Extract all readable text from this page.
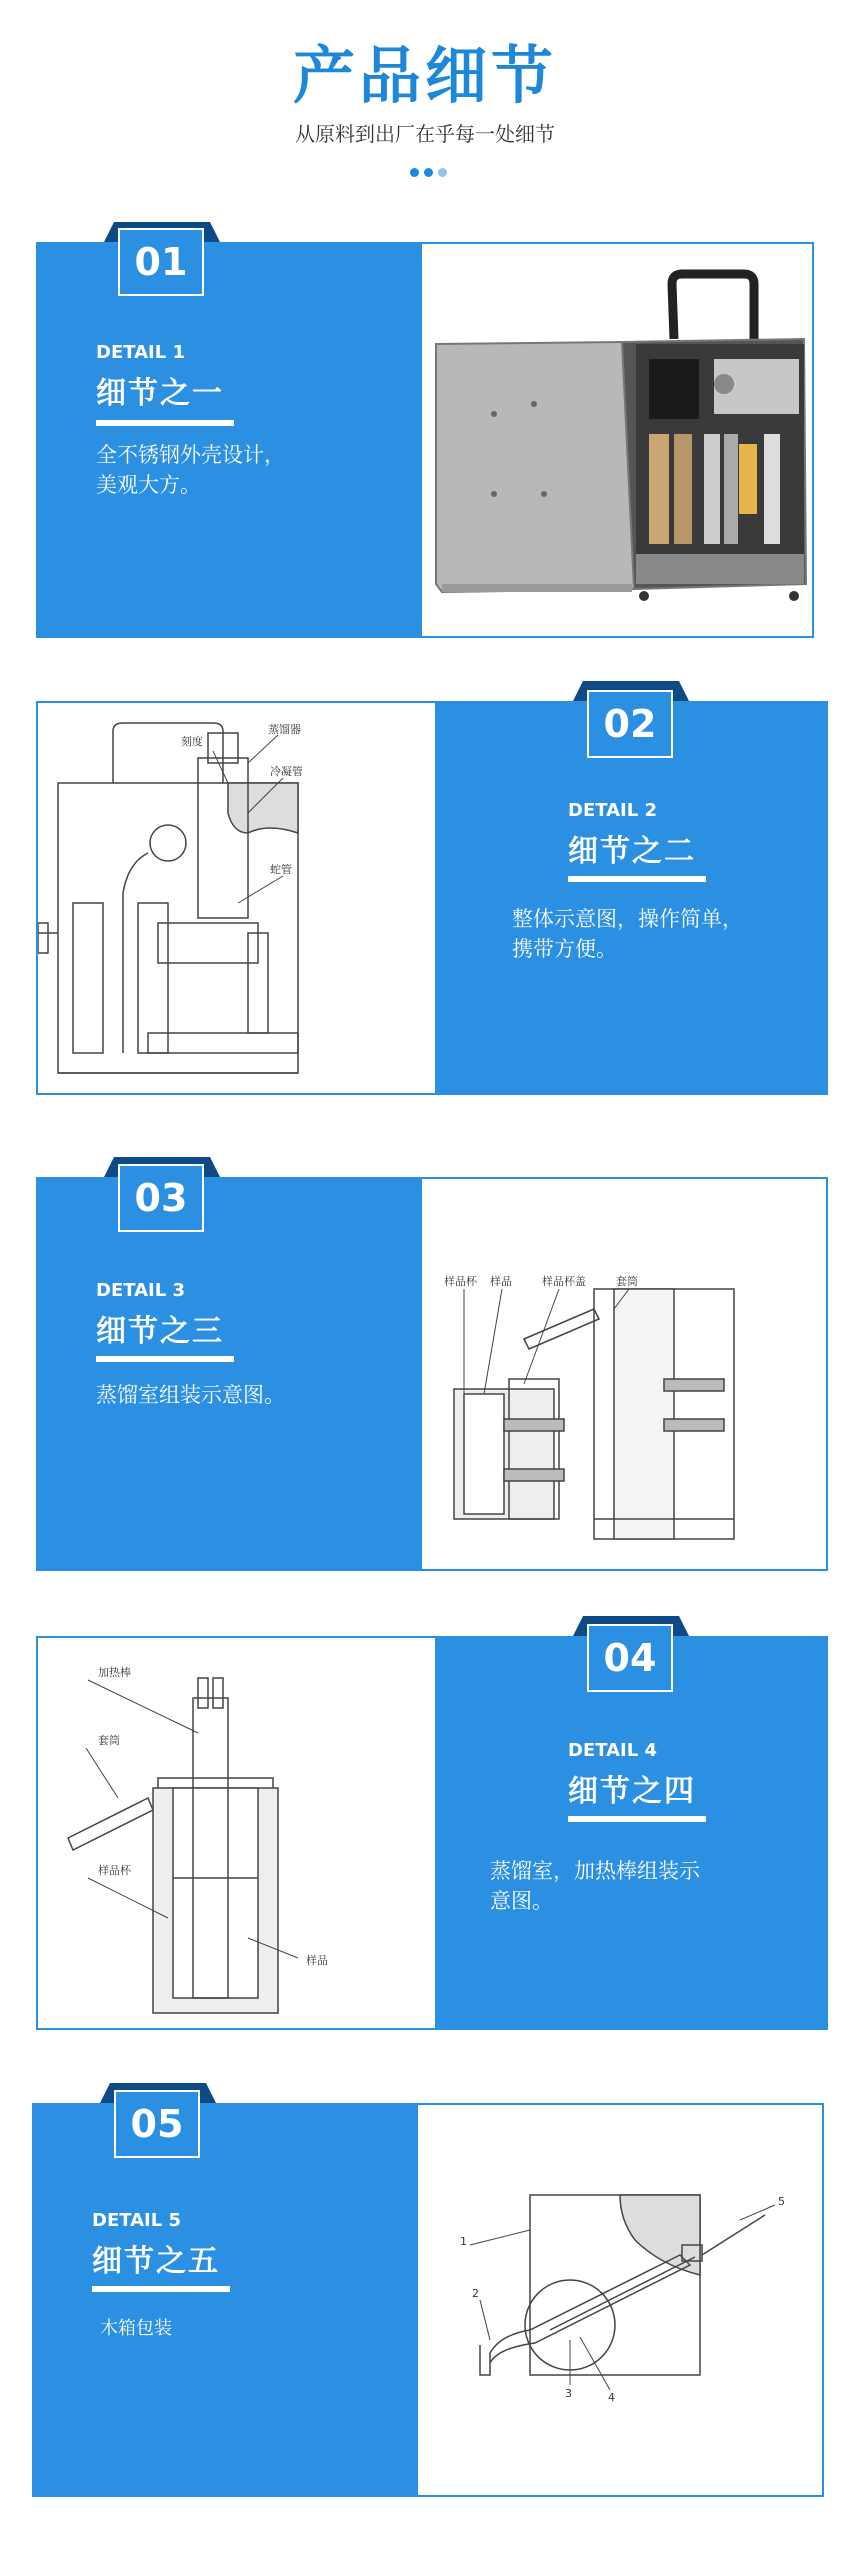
产品细节
从原料到出厂在乎每一处细节
01
DETAIL 1
细节之一
全不锈钢外壳设计，
美观大方。
02
DETAIL 2
细节之二
整体示意图，操作简单，
携带方便。
刻度
蒸馏器
冷凝管
蛇管
03
DETAIL 3
细节之三
蒸馏室组装示意图。
样品杯 样品	样品杯盖	套筒
04
DETAIL 4
细节之四
蒸馏室，加热棒组装示
意图。
加热棒
套筒
样品杯
样品
05
DETAIL 5
细节之五
木箱包装
1
2
3	4
5
